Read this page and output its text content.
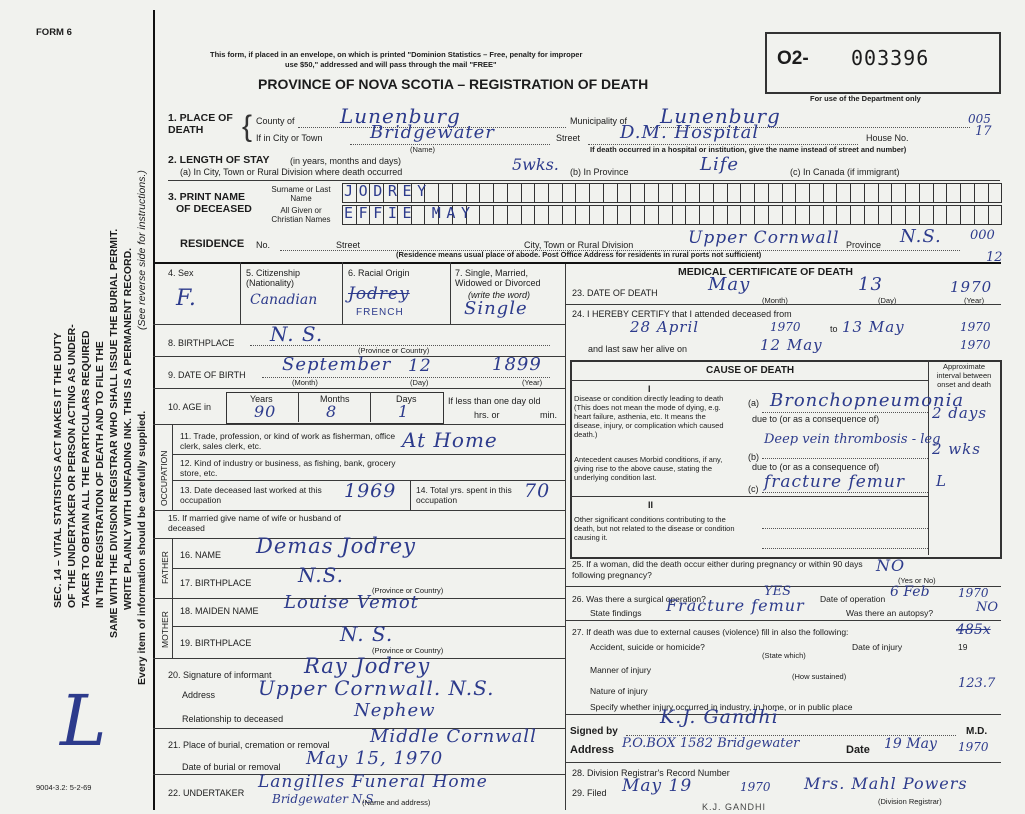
FORM 6
This form, if placed in an envelope, on which is printed "Dominion Statistics – Free, penalty for improper
use $50," addressed and will pass through the mail "FREE"
PROVINCE OF NOVA SCOTIA – REGISTRATION OF DEATH
O2- 003396
For use of the Department only
SEC. 14 – VITAL STATISTICS ACT MAKES IT THE DUTY OF THE UNDERTAKER OR PERSON ACTING AS UNDER- TAKER TO OBTAIN ALL THE PARTICULARS REQUIRED IN THIS REGISTRATION OF DEATH AND TO FILE THE SAME WITH THE DIVISION REGISTRAR WHO SHALL ISSUE THE BURIAL PERMIT. WRITE PLAINLY WITH UNFADING INK. THIS IS A PERMANENT RECORD. Every item of information should be carefully supplied.
(See reverse side for instructions.)
L
9004-3.2: 5-2-69
1. PLACE OF DEATH	{ County of Lunenburg	Municipality of Lunenburg	005
If in City or Town	Bridgewater
(Name)
Street D.M. Hospital	House No.	17
If death occurred in a hospital or institution, give the name instead of street and number)
2. LENGTH OF STAY (in years, months and days)
(a) In City, Town or Rural Division where death occurred	5wks. (b) In Province	Life	(c) In Canada (if immigrant)
3. PRINT NAME
OF DECEASED
Surname or Last Name
All Given or Christian Names
JODREY
EFFIE MAY
RESIDENCE No.	Street	City, Town or Rural Division	Upper Cornwall Province N.S. 000
12
(Residence means usual place of abode. Post Office Address for residents in rural ports not sufficient)
4. Sex
F.
5. Citizenship (Nationality)
Canadian
6. Racial Origin
Jodrey
FRENCH
7. Single, Married, Widowed or Divorced
(write the word)
Single
8. BIRTHPLACE N. S.
(Province or Country)
9. DATE OF BIRTH September 12	1899
(Month)	(Day)	(Year)
10. AGE in
Years	Months	Days
90	8	1
If less than one day old
hrs. or	min.
OCCUPATION
11. Trade, profession, or kind of work as fisherman, office clerk, sales clerk, etc.	At Home
12. Kind of industry or business, as fishing, bank, grocery store, etc.
13. Date deceased last worked at this occupation	1969 14. Total yrs. spent in this occupation	70
15. If married give name of wife or husband of deceased
FATHER 16. NAME Demas Jodrey
17. BIRTHPLACE N.S.
(Province or Country)
MOTHER
18. MAIDEN NAME Louise Vemot
19. BIRTHPLACE	N. S.
(Province or Country)
20. Signature of informant Ray Jodrey
Address Upper Cornwall. N.S.
Relationship to deceased	Nephew
21. Place of burial, cremation or removal Middle Cornwall
Date of burial or removal May 15, 1970
22. UNDERTAKER
Langilles Funeral Home
Bridgewater N.S.
(Name and address)
MEDICAL CERTIFICATE OF DEATH
23. DATE OF DEATH	May	13	1970
(Month)	(Day)	(Year)
24. I HEREBY CERTIFY that I attended deceased from
28 April	1970	to 13 May	1970
and last saw her alive on	12 May	1970
CAUSE OF DEATH	Approximate interval between onset and death
I
Disease or condition directly leading to death (This does not mean the mode of dying, e.g. heart failure, asthenia, etc. It means the disease, injury, or complication which caused death.)
Antecedent causes Morbid conditions, if any, giving rise to the above cause, stating the underlying condition last.
(a) Bronchopneumonia
due to (or as a consequence of)	2 days
Deep vein thrombosis - leg
(b)	2 wks
due to (or as a consequence of)
(c) fracture femur L
II
Other significant conditions contributing to the death, but not related to the disease or condition causing it.
25. If a woman, did the death occur either during pregnancy or within 90 days following pregnancy?	NO
(Yes or No)
26. Was there a surgical operation?	YES	Date of operation 6 Feb 1970
State findings Fracture femur	Was there an autopsy?	NO
27. If death was due to external causes (violence) fill in also the following:	485x
Accident, suicide or homicide?
(State which)
Date of injury	19
Manner of injury
(How sustained)
Nature of injury	123.7
Specify whether injury occurred in industry, in home, or in public place
Signed by
K.J. Gandhi
M.D.
Address P.O.BOX 1582 Bridgewater	Date 19 May 1970
28. Division Registrar's Record Number
29. Filed May 19	1970 Mrs. Mahl Powers
(Division Registrar)
K.J. GANDHI
